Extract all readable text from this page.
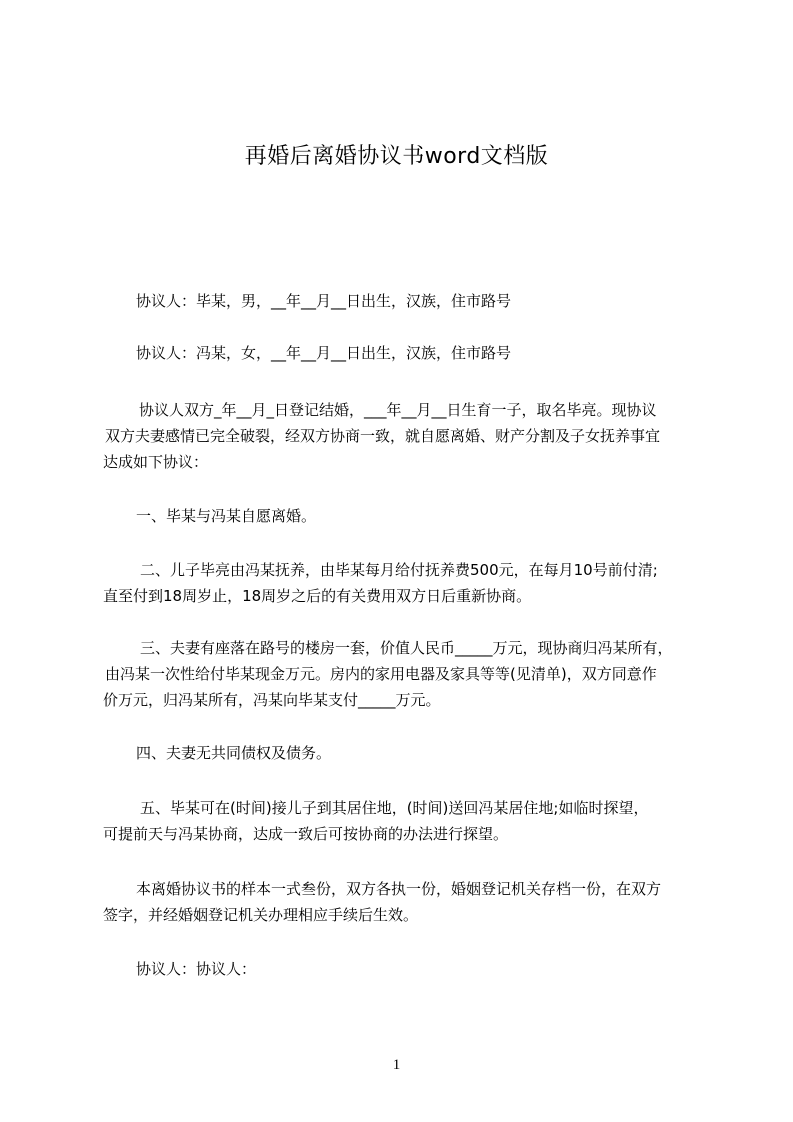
再婚后离婚协议书word文档版
协议人：毕某，男，__年__月__日出生，汉族，住市路号
协议人：冯某，女，__年__月__日出生，汉族，住市路号
协议人双方_年__月_日登记结婚，___年__月__日生育一子，取名毕亮。现协议
双方夫妻感情已完全破裂，经双方协商一致，就自愿离婚、财产分割及子女抚养事宜
达成如下协议：
一、毕某与冯某自愿离婚。
二、儿子毕亮由冯某抚养，由毕某每月给付抚养费500元，在每月10号前付清;
直至付到18周岁止，18周岁之后的有关费用双方日后重新协商。
三、夫妻有座落在路号的楼房一套，价值人民币_____万元，现协商归冯某所有，
由冯某一次性给付毕某现金万元。房内的家用电器及家具等等(见清单)，双方同意作
价万元，归冯某所有，冯某向毕某支付_____万元。
四、夫妻无共同债权及债务。
五、毕某可在(时间)接儿子到其居住地，(时间)送回冯某居住地;如临时探望，
可提前天与冯某协商，达成一致后可按协商的办法进行探望。
本离婚协议书的样本一式叁份，双方各执一份，婚姻登记机关存档一份，在双方
签字，并经婚姻登记机关办理相应手续后生效。
协议人：协议人：
1
